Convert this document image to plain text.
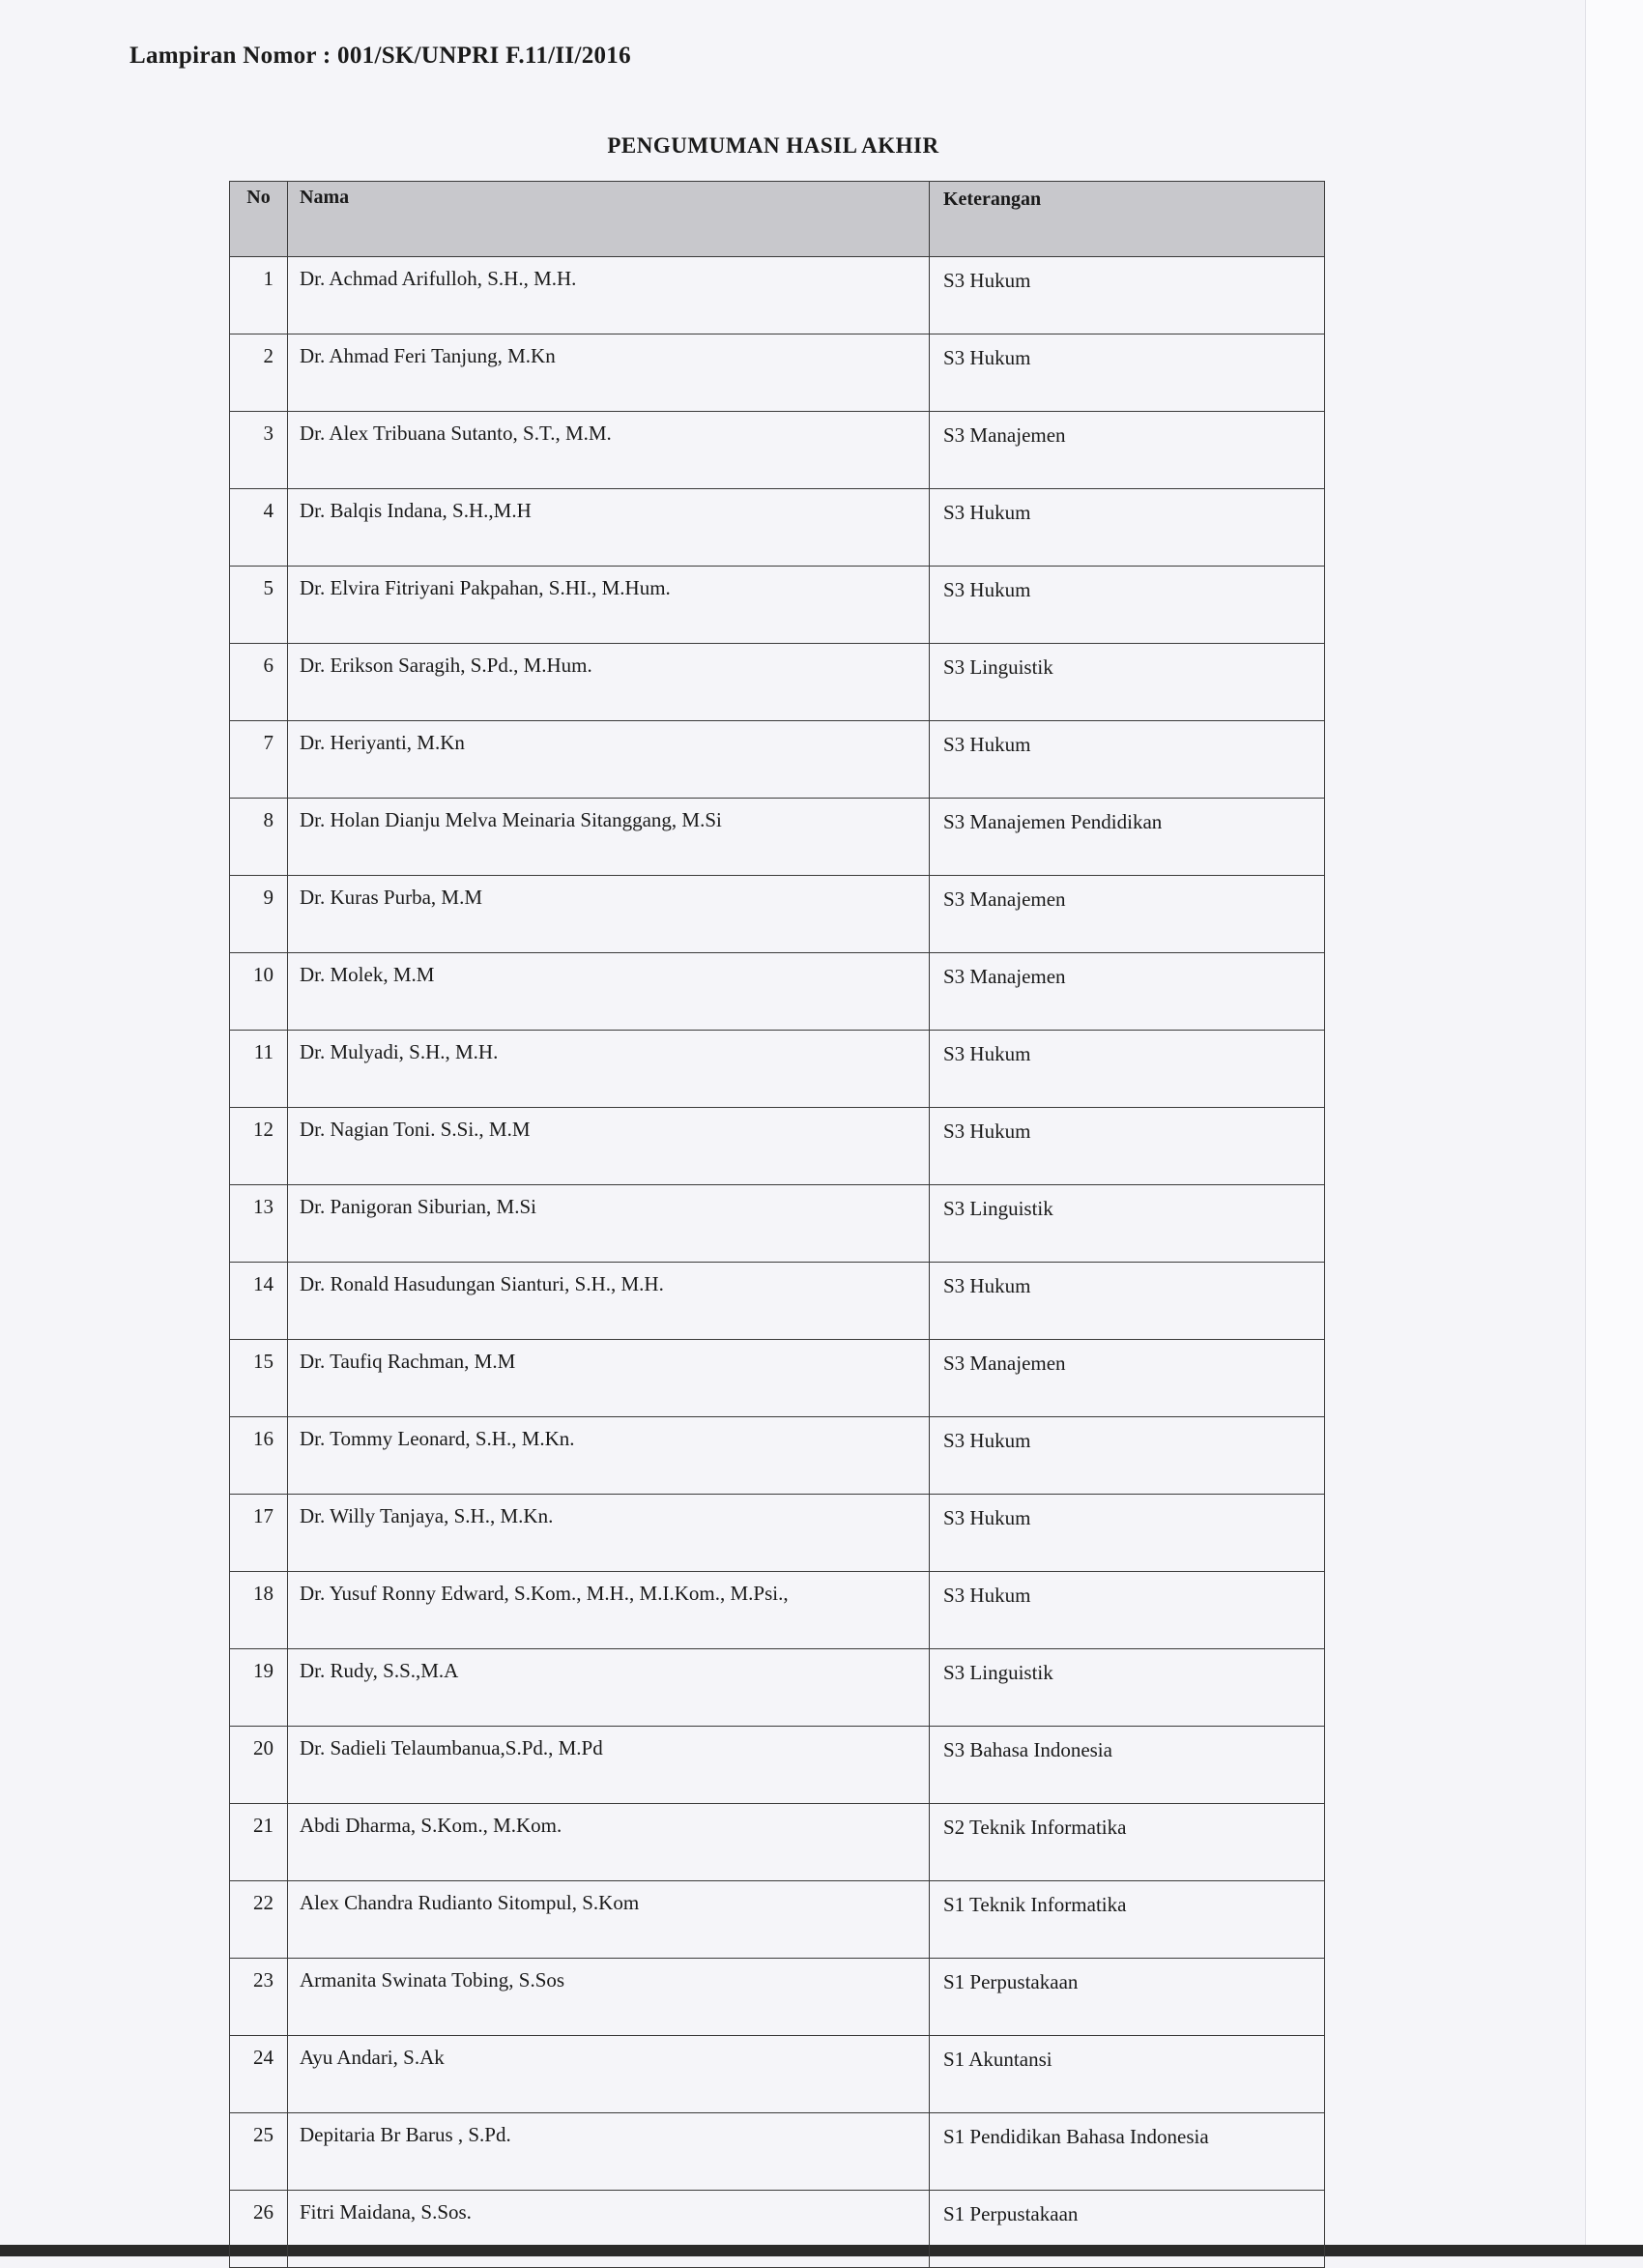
Lampiran Nomor : 001/SK/UNPRI F.11/II/2016
PENGUMUMAN HASIL AKHIR
No	Nama	Keterangan
1	Dr. Achmad Arifulloh, S.H., M.H.	S3 Hukum
2	Dr. Ahmad Feri Tanjung, M.Kn	S3 Hukum
3	Dr. Alex Tribuana Sutanto, S.T., M.M.	S3 Manajemen
4	Dr. Balqis Indana, S.H.,M.H	S3 Hukum
5	Dr. Elvira Fitriyani Pakpahan, S.HI., M.Hum.	S3 Hukum
6	Dr. Erikson Saragih, S.Pd., M.Hum.	S3 Linguistik
7	Dr. Heriyanti, M.Kn	S3 Hukum
8	Dr. Holan Dianju Melva Meinaria Sitanggang, M.Si	S3 Manajemen Pendidikan
9	Dr. Kuras Purba, M.M	S3 Manajemen
10	Dr. Molek, M.M	S3 Manajemen
11	Dr. Mulyadi, S.H., M.H.	S3 Hukum
12	Dr. Nagian Toni. S.Si., M.M	S3 Hukum
13	Dr. Panigoran Siburian, M.Si	S3 Linguistik
14	Dr. Ronald Hasudungan Sianturi, S.H., M.H.	S3 Hukum
15	Dr. Taufiq Rachman, M.M	S3 Manajemen
16	Dr. Tommy Leonard, S.H., M.Kn.	S3 Hukum
17	Dr. Willy Tanjaya, S.H., M.Kn.	S3 Hukum
18	Dr. Yusuf Ronny Edward, S.Kom., M.H., M.I.Kom., M.Psi.,	S3 Hukum
19	Dr. Rudy, S.S.,M.A	S3 Linguistik
20	Dr. Sadieli Telaumbanua,S.Pd., M.Pd	S3 Bahasa Indonesia
21	Abdi Dharma, S.Kom., M.Kom.	S2 Teknik Informatika
22	Alex Chandra Rudianto Sitompul, S.Kom	S1 Teknik Informatika
23	Armanita Swinata Tobing, S.Sos	S1 Perpustakaan
24	Ayu Andari, S.Ak	S1 Akuntansi
25	Depitaria Br Barus , S.Pd.	S1 Pendidikan Bahasa Indonesia
26	Fitri Maidana, S.Sos.	S1 Perpustakaan
